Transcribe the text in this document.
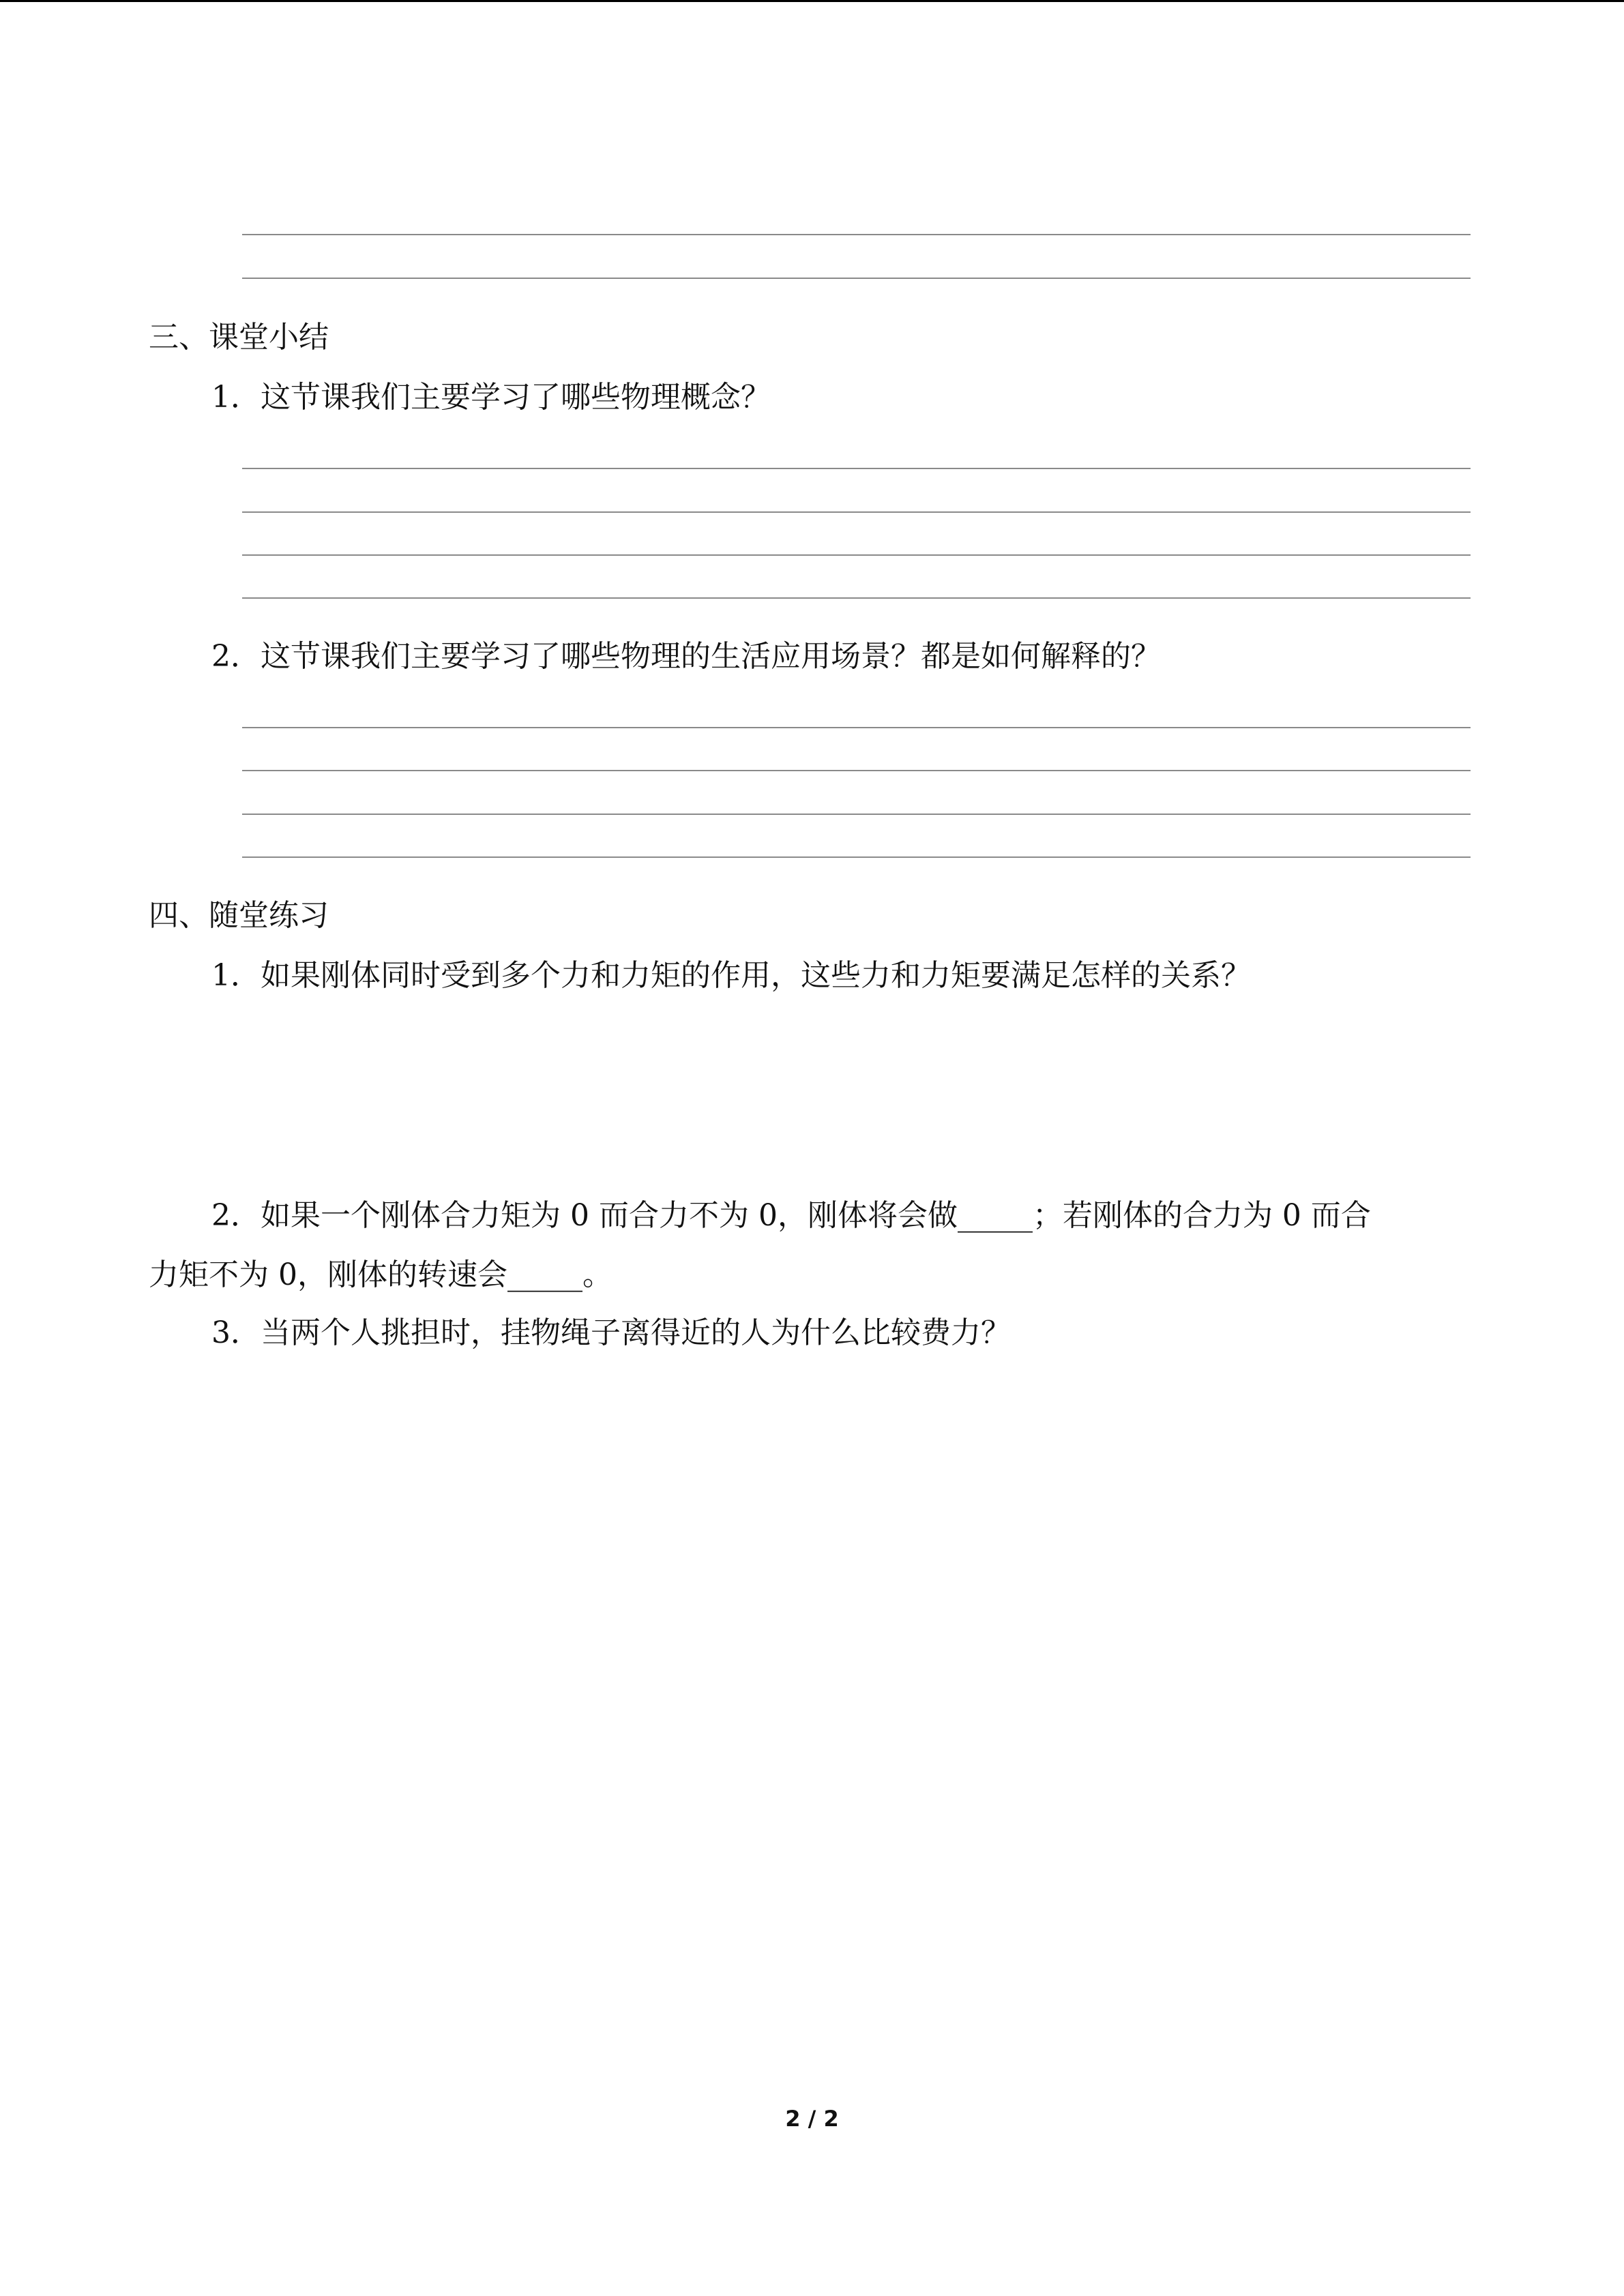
三、课堂小结
1．这节课我们主要学习了哪些物理概念？
2．这节课我们主要学习了哪些物理的生活应用场景？都是如何解释的？
四、随堂练习
1．如果刚体同时受到多个力和力矩的作用，这些力和力矩要满足怎样的关系？
2．如果一个刚体合力矩为 0 而合力不为 0，刚体将会做_____；若刚体的合力为 0 而合
力矩不为 0，刚体的转速会_____。
3．当两个人挑担时，挂物绳子离得近的人为什么比较费力？
2 / 2
